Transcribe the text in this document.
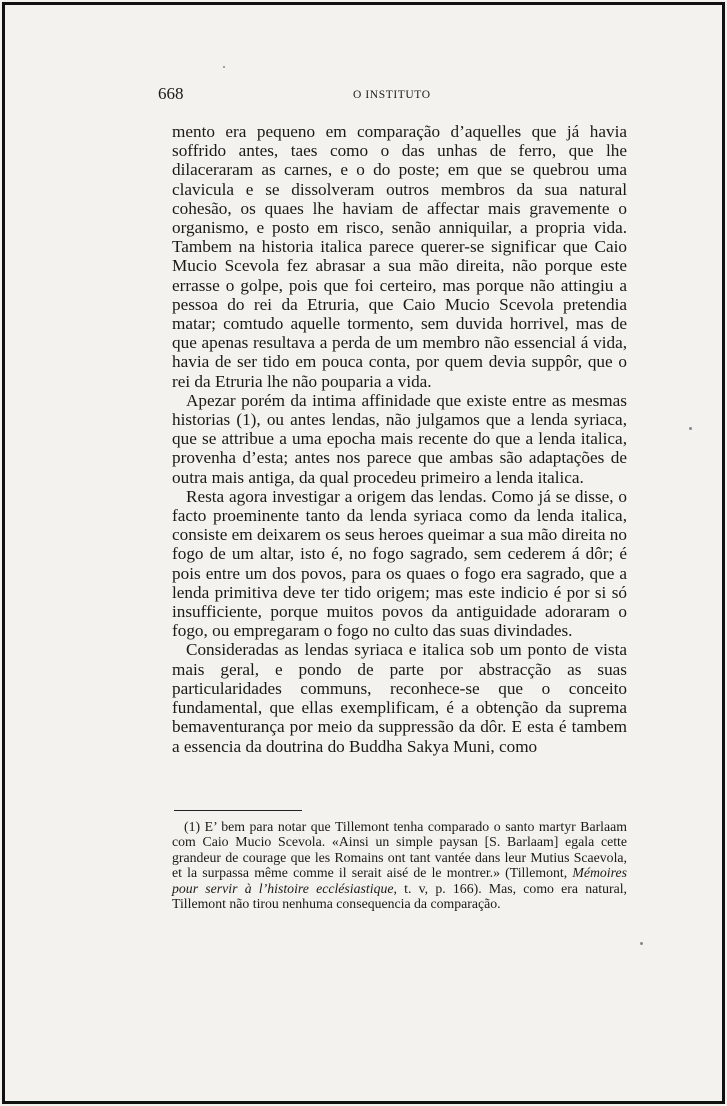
668	O INSTITUTO

mento era pequeno em comparação d’aquelles que já havia soffrido antes, taes como o das unhas de ferro, que lhe dilaceraram as carnes, e o do poste; em que se quebrou uma clavicula e se dissolveram outros membros da sua natural cohesão, os quaes lhe haviam de affectar mais gravemente o organismo, e posto em risco, senão anniquilar, a propria vida. Tambem na historia italica parece querer-se significar que Caio Mucio Scevola fez abrasar a sua mão direita, não porque este errasse o golpe, pois que foi certeiro, mas porque não attingiu a pessoa do rei da Etruria, que Caio Mucio Scevola pretendia matar; comtudo aquelle tormento, sem duvida horrivel, mas de que apenas resultava a perda de um membro não essencial á vida, havia de ser tido em pouca conta, por quem devia suppôr, que o rei da Etruria lhe não pouparia a vida.

Apezar porém da intima affinidade que existe entre as mesmas historias (1), ou antes lendas, não julgamos que a lenda syriaca, que se attribue a uma epocha mais recente do que a lenda italica, provenha d’esta; antes nos parece que ambas são adaptações de outra mais antiga, da qual procedeu primeiro a lenda italica.

Resta agora investigar a origem das lendas. Como já se disse, o facto proeminente tanto da lenda syriaca como da lenda italica, consiste em deixarem os seus heroes queimar a sua mão direita no fogo de um altar, isto é, no fogo sagrado, sem cederem á dôr; é pois entre um dos povos, para os quaes o fogo era sagrado, que a lenda primitiva deve ter tido origem; mas este indicio é por si só insufficiente, porque muitos povos da antiguidade adoraram o fogo, ou empregaram o fogo no culto das suas divindades.

Consideradas as lendas syriaca e italica sob um ponto de vista mais geral, e pondo de parte por abstracção as suas particularidades communs, reconhece-se que o conceito fundamental, que ellas exemplificam, é a obtenção da suprema bemaventurança por meio da suppressão da dôr. E esta é tambem a essencia da doutrina do Buddha Sakya Muni, como

(1) E’ bem para notar que Tillemont tenha comparado o santo martyr Barlaam com Caio Mucio Scevola. «Ainsi un simple paysan [S. Barlaam] egala cette grandeur de courage que les Romains ont tant vantée dans leur Mutius Scaevola, et la surpassa même comme il serait aisé de le montrer.» (Tillemont, Mémoires pour servir à l’histoire ecclésiastique, t. v, p. 166). Mas, como era natural, Tillemont não tirou nenhuma consequencia da comparação.
